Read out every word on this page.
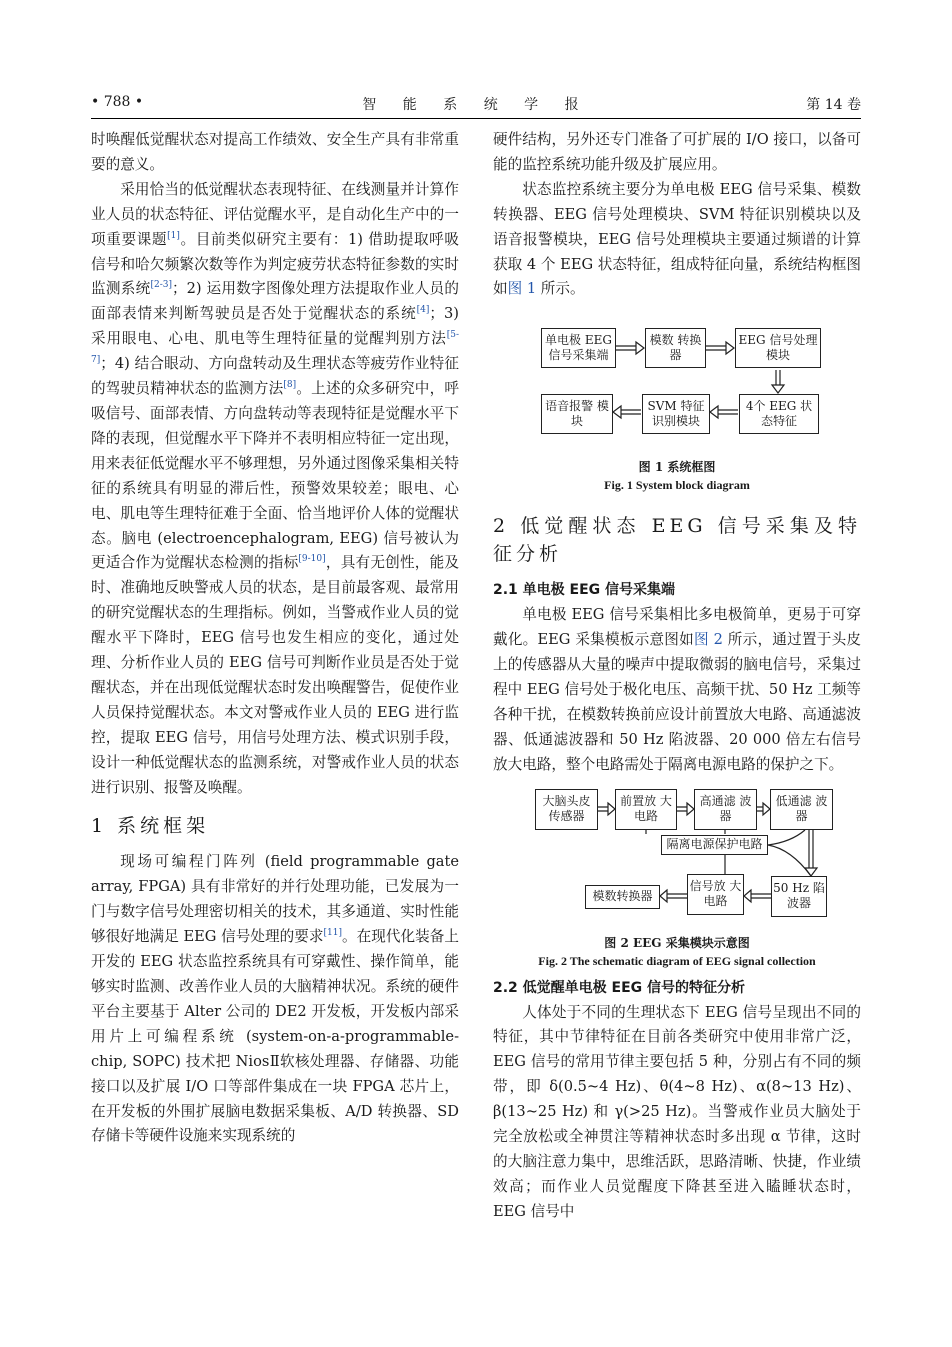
• 788 •	智 能 系 统 学 报	第 14 卷

时唤醒低觉醒状态对提高工作绩效、安全生产具有非常重要的意义。

采用恰当的低觉醒状态表现特征、在线测量并计算作业人员的状态特征、评估觉醒水平，是自动化生产中的一项重要课题[1]。目前类似研究主要有：1) 借助提取呼吸信号和哈欠频繁次数等作为判定疲劳状态特征参数的实时监测系统[2-3]；2) 运用数字图像处理方法提取作业人员的面部表情来判断驾驶员是否处于觉醒状态的系统[4]；3) 采用眼电、心电、肌电等生理特征量的觉醒判别方法[5-7]；4) 结合眼动、方向盘转动及生理状态等疲劳作业特征的驾驶员精神状态的监测方法[8]。上述的众多研究中，呼吸信号、面部表情、方向盘转动等表现特征是觉醒水平下降的表现，但觉醒水平下降并不表明相应特征一定出现，用来表征低觉醒水平不够理想，另外通过图像采集相关特征的系统具有明显的滞后性，预警效果较差；眼电、心电、肌电等生理特征难于全面、恰当地评价人体的觉醒状态。脑电 (electroencephalogram, EEG) 信号被认为更适合作为觉醒状态检测的指标[9-10]，具有无创性，能及时、准确地反映警戒人员的状态，是目前最客观、最常用的研究觉醒状态的生理指标。例如，当警戒作业人员的觉醒水平下降时，EEG 信号也发生相应的变化，通过处理、分析作业人员的 EEG 信号可判断作业员是否处于觉醒状态，并在出现低觉醒状态时发出唤醒警告，促使作业人员保持觉醒状态。本文对警戒作业人员的 EEG 进行监控，提取 EEG 信号，用信号处理方法、模式识别手段，设计一种低觉醒状态的监测系统，对警戒作业人员的状态进行识别、报警及唤醒。

1 系统框架

现场可编程门阵列 (field programmable gate array, FPGA) 具有非常好的并行处理功能，已发展为一门与数字信号处理密切相关的技术，其多通道、实时性能够很好地满足 EEG 信号处理的要求[11]。在现代化装备上开发的 EEG 状态监控系统具有可穿戴性、操作简单，能够实时监测、改善作业人员的大脑精神状况。系统的硬件平台主要基于 Alter 公司的 DE2 开发板，开发板内部采用片上可编程系统 (system-on-a-programmable-chip, SOPC) 技术把 NiosⅡ软核处理器、存储器、功能接口以及扩展 I/O 口等部件集成在一块 FPGA 芯片上，在开发板的外围扩展脑电数据采集板、A/D 转换器、SD 存储卡等硬件设施来实现系统的

硬件结构，另外还专门准备了可扩展的 I/O 接口，以备可能的监控系统功能升级及扩展应用。

状态监控系统主要分为单电极 EEG 信号采集、模数转换器、EEG 信号处理模块、SVM 特征识别模块以及语音报警模块，EEG 信号处理模块主要通过频谱的计算获取 4 个 EEG 状态特征，组成特征向量，系统结构框图如图 1 所示。

单电极 EEG 信号采集端
模数 转换器
EEG 信号处理模块
语音报警 模块
SVM 特征 识别模块
4个 EEG 状态特征

图 1 系统框图

Fig. 1 System block diagram

2 低觉醒状态 EEG 信号采集及特征分析

2.1 单电极 EEG 信号采集端

单电极 EEG 信号采集相比多电极简单，更易于可穿戴化。EEG 采集模板示意图如图 2 所示，通过置于头皮上的传感器从大量的噪声中提取微弱的脑电信号，采集过程中 EEG 信号处于极化电压、高频干扰、50 Hz 工频等各种干扰，在模数转换前应设计前置放大电路、高通滤波器、低通滤波器和 50 Hz 陷波器、20 000 倍左右信号放大电路，整个电路需处于隔离电源电路的保护之下。

大脑头皮 传感器
前置放 大电路
高通滤 波器
低通滤 波器
隔离电源保护电路
模数转换器
信号放 大电路
50 Hz 陷波器

图 2 EEG 采集模块示意图

Fig. 2 The schematic diagram of EEG signal collection

2.2 低觉醒单电极 EEG 信号的特征分析

人体处于不同的生理状态下 EEG 信号呈现出不同的特征，其中节律特征在目前各类研究中使用非常广泛，EEG 信号的常用节律主要包括 5 种，分别占有不同的频带，即 δ(0.5~4 Hz)、θ(4~8 Hz)、α(8~13 Hz)、β(13~25 Hz) 和 γ(>25 Hz)。当警戒作业员大脑处于完全放松或全神贯注等精神状态时多出现 α 节律，这时的大脑注意力集中，思维活跃，思路清晰、快捷，作业绩效高；而作业人员觉醒度下降甚至进入瞌睡状态时，EEG 信号中
